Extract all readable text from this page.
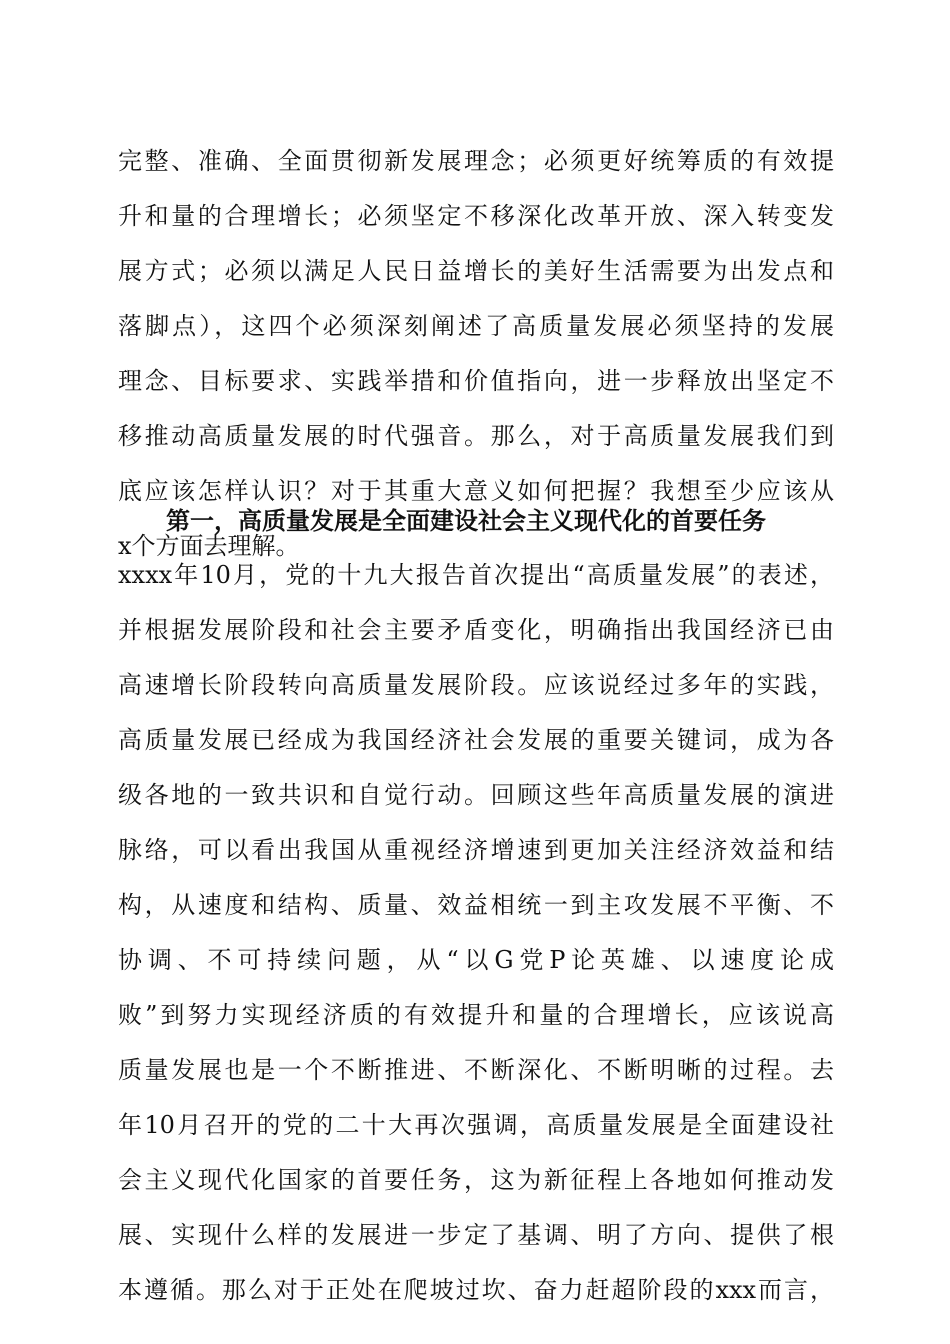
完整、准确、全面贯彻新发展理念；必须更好统筹质的有效提
升和量的合理增长；必须坚定不移深化改革开放、深入转变发
展方式；必须以满足人民日益增长的美好生活需要为出发点和
落脚点），这四个必须深刻阐述了高质量发展必须坚持的发展
理念、目标要求、实践举措和价值指向，进一步释放出坚定不
移推动高质量发展的时代强音。那么，对于高质量发展我们到
底应该怎样认识？对于其重大意义如何把握？我想至少应该从
x个方面去理解。
第一，高质量发展是全面建设社会主义现代化的首要任务
xxxx年10月，党的十九大报告首次提出“高质量发展”的表述，
并根据发展阶段和社会主要矛盾变化，明确指出我国经济已由
高速增长阶段转向高质量发展阶段。应该说经过多年的实践，
高质量发展已经成为我国经济社会发展的重要关键词，成为各
级各地的一致共识和自觉行动。回顾这些年高质量发展的演进
脉络，可以看出我国从重视经济增速到更加关注经济效益和结
构，从速度和结构、质量、效益相统一到主攻发展不平衡、不
协调、不可持续问题，从“以G党P论英雄、以速度论成
败”到努力实现经济质的有效提升和量的合理增长，应该说高
质量发展也是一个不断推进、不断深化、不断明晰的过程。去
年10月召开的党的二十大再次强调，高质量发展是全面建设社
会主义现代化国家的首要任务，这为新征程上各地如何推动发
展、实现什么样的发展进一步定了基调、明了方向、提供了根
本遵循。那么对于正处在爬坡过坎、奋力赶超阶段的xxx而言，
